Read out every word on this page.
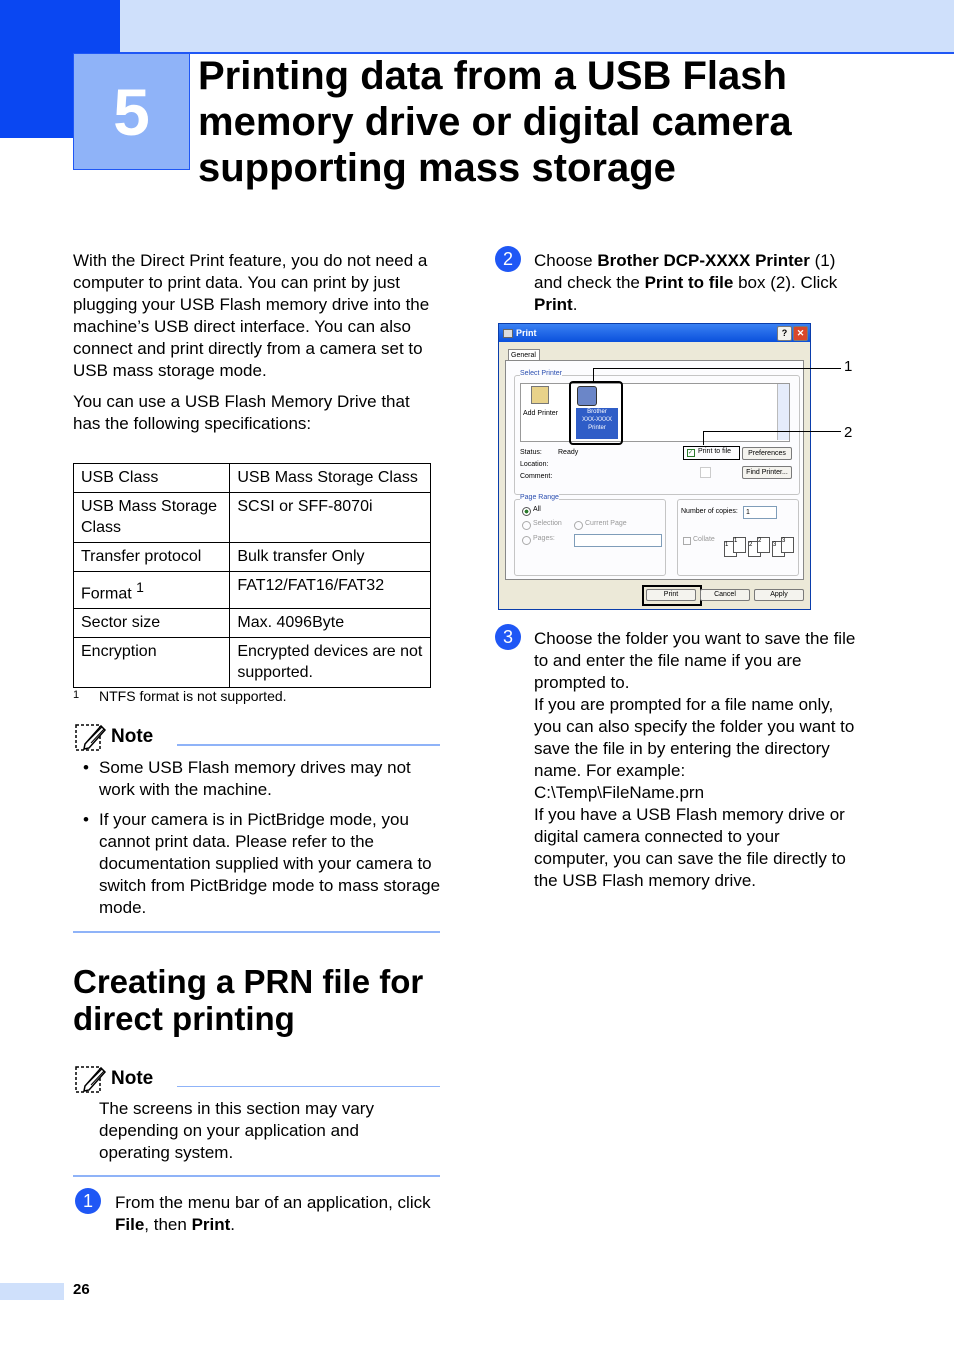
5	Printing data from a USB Flash
memory drive or digital camera
supporting mass storage

With the Direct Print feature, you do not need a computer to print data. You can print by just plugging your USB Flash memory drive into the machine’s USB direct interface. You can also connect and print directly from a camera set to USB mass storage mode.

You can use a USB Flash Memory Drive that has the following specifications:

USB Class	USB Mass Storage Class
USB Mass Storage Class	SCSI or SFF-8070i
Transfer protocol	Bulk transfer Only
Format $^1$	FAT12/FAT16/FAT32
Sector size	Max. 4096Byte
Encryption	Encrypted devices are not supported.
$^1$ NTFS format is not supported.
Note
• Some USB Flash memory drives may not work with the machine.
• If your camera is in PictBridge mode, you cannot print data. Please refer to the documentation supplied with your camera to switch from PictBridge mode to mass storage mode.
Creating a PRN file for
direct printing
Note

The screens in this section may vary depending on your application and operating system.

1	From the menu bar of an application, click File, then Print.
2	Choose Brother DCP-XXXX Printer (1) and check the Print to file box (2). Click Print.
Print	?	✕
General
Select Printer
Add Printer	Brother
XXX-XXXX
Printer
Status: Ready
Location:
Comment:
✓ Print to file	Preferences
Find Printer...
Page Range
All
Selection	Current Page
Pages:
Number of copies:	1
Collate
1
1
2
2
3
3
Print	Cancel	Apply
1
2
3	Choose the folder you want to save the file to and enter the file name if you are prompted to.
If you are prompted for a file name only, you can also specify the folder you want to save the file in by entering the directory name. For example:
C:\Temp\FileName.prn
If you have a USB Flash memory drive or digital camera connected to your computer, you can save the file directly to the USB Flash memory drive.
26
